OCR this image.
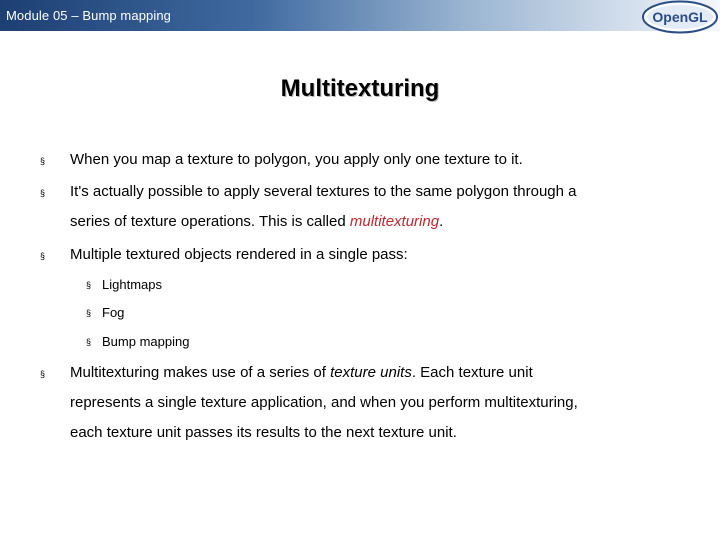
Module 05 – Bump mapping	OpenGL
Multitexturing
§ When you map a texture to polygon, you apply only one texture to it.
§ It's actually possible to apply several textures to the same polygon through a
series of texture operations. This is called multitexturing.
§ Multiple textured objects rendered in a single pass:
§ Lightmaps
§ Fog
§ Bump mapping
§ Multitexturing makes use of a series of texture units. Each texture unit
represents a single texture application, and when you perform multitexturing,
each texture unit passes its results to the next texture unit.
